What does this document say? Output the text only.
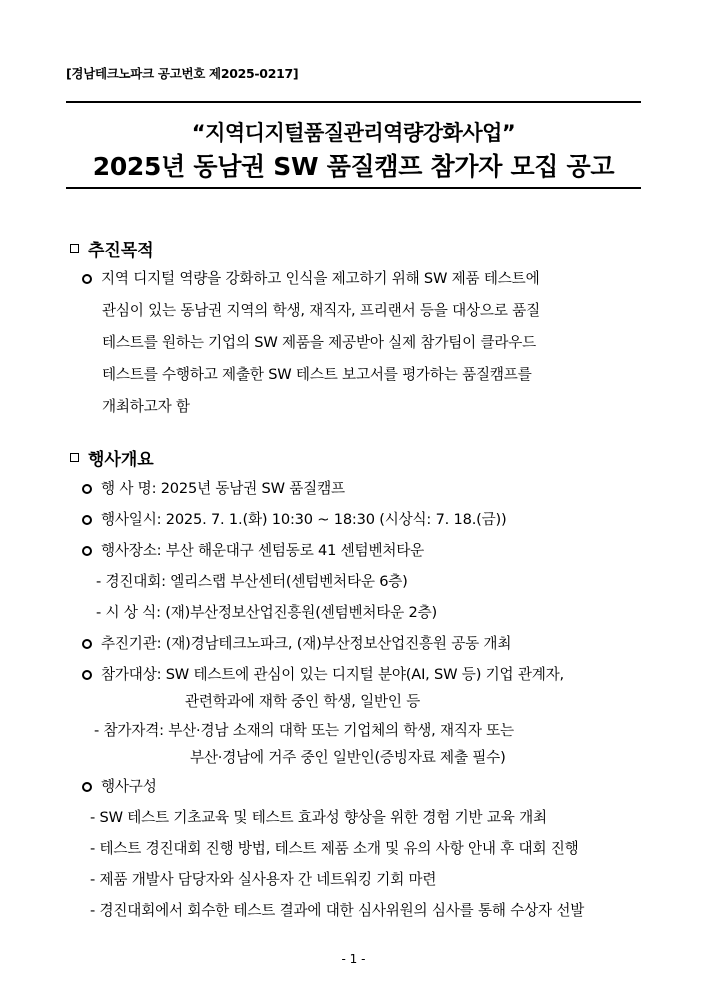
[경남테크노파크 공고번호 제2025-0217]
“지역디지털품질관리역량강화사업”
2025년 동남권 SW 품질캠프 참가자 모집 공고
추진목적
지역 디지털 역량을 강화하고 인식을 제고하기 위해 SW 제품 테스트에
관심이 있는 동남권 지역의 학생, 재직자, 프리랜서 등을 대상으로 품질
테스트를 원하는 기업의 SW 제품을 제공받아 실제 참가팀이 클라우드
테스트를 수행하고 제출한 SW 테스트 보고서를 평가하는 품질캠프를
개최하고자 함
행사개요
행 사 명: 2025년 동남권 SW 품질캠프
행사일시: 2025. 7. 1.(화) 10:30 ~ 18:30 (시상식: 7. 18.(금))
행사장소: 부산 해운대구 센텀동로 41 센텀벤처타운
- 경진대회: 엘리스랩 부산센터(센텀벤처타운 6층)
- 시 상 식: (재)부산정보산업진흥원(센텀벤처타운 2층)
추진기관: (재)경남테크노파크, (재)부산정보산업진흥원 공동 개최
참가대상: SW 테스트에 관심이 있는 디지털 분야(AI, SW 등) 기업 관계자,
관련학과에 재학 중인 학생, 일반인 등
- 참가자격: 부산·경남 소재의 대학 또는 기업체의 학생, 재직자 또는
부산·경남에 거주 중인 일반인(증빙자료 제출 필수)
행사구성
- SW 테스트 기초교육 및 테스트 효과성 향상을 위한 경험 기반 교육 개최
- 테스트 경진대회 진행 방법, 테스트 제품 소개 및 유의 사항 안내 후 대회 진행
- 제품 개발사 담당자와 실사용자 간 네트워킹 기회 마련
- 경진대회에서 회수한 테스트 결과에 대한 심사위원의 심사를 통해 수상자 선발
- 1 -
